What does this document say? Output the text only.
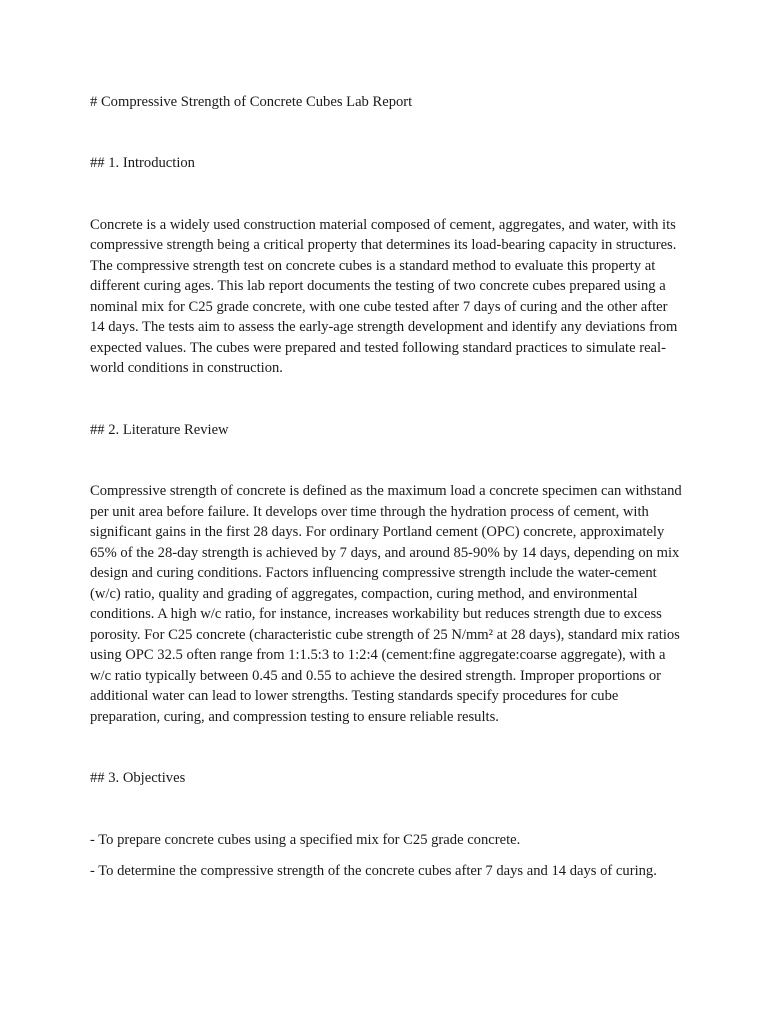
# Compressive Strength of Concrete Cubes Lab Report

## 1. Introduction

Concrete is a widely used construction material composed of cement, aggregates, and water, with its compressive strength being a critical property that determines its load-bearing capacity in structures. The compressive strength test on concrete cubes is a standard method to evaluate this property at different curing ages. This lab report documents the testing of two concrete cubes prepared using a nominal mix for C25 grade concrete, with one cube tested after 7 days of curing and the other after 14 days. The tests aim to assess the early-age strength development and identify any deviations from expected values. The cubes were prepared and tested following standard practices to simulate real-world conditions in construction.

## 2. Literature Review

Compressive strength of concrete is defined as the maximum load a concrete specimen can withstand per unit area before failure. It develops over time through the hydration process of cement, with significant gains in the first 28 days. For ordinary Portland cement (OPC) concrete, approximately 65% of the 28-day strength is achieved by 7 days, and around 85-90% by 14 days, depending on mix design and curing conditions. Factors influencing compressive strength include the water-cement (w/c) ratio, quality and grading of aggregates, compaction, curing method, and environmental conditions. A high w/c ratio, for instance, increases workability but reduces strength due to excess porosity. For C25 concrete (characteristic cube strength of 25 N/mm² at 28 days), standard mix ratios using OPC 32.5 often range from 1:1.5:3 to 1:2:4 (cement:fine aggregate:coarse aggregate), with a w/c ratio typically between 0.45 and 0.55 to achieve the desired strength. Improper proportions or additional water can lead to lower strengths. Testing standards specify procedures for cube preparation, curing, and compression testing to ensure reliable results.

## 3. Objectives

- To prepare concrete cubes using a specified mix for C25 grade concrete.

- To determine the compressive strength of the concrete cubes after 7 days and 14 days of curing.
